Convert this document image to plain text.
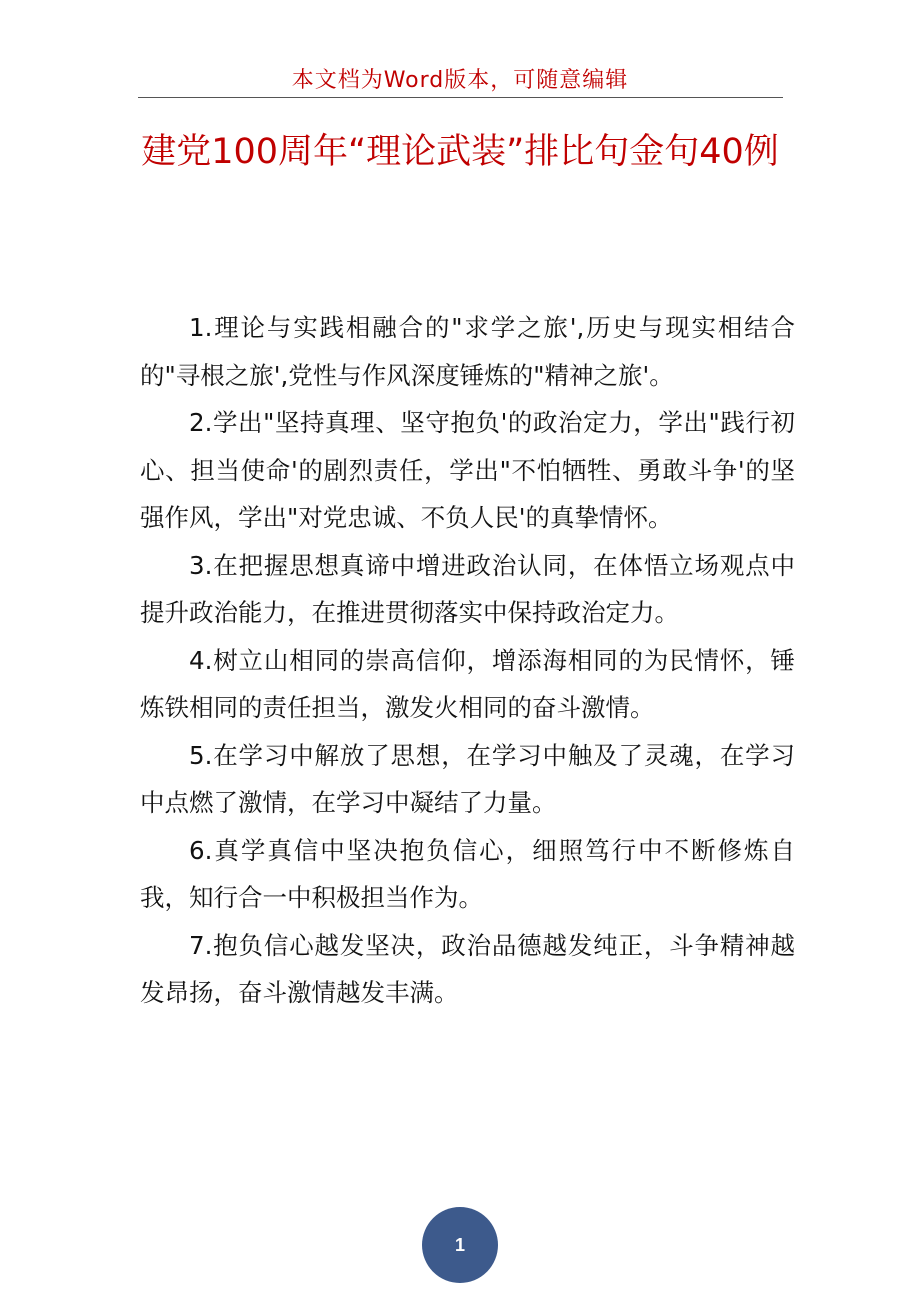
本文档为Word版本，可随意编辑
建党100周年“理论武装”排比句金句40例

1.理论与实践相融合的"求学之旅',历史与现实相结合的"寻根之旅',党性与作风深度锤炼的"精神之旅'。

2.学出"坚持真理、坚守抱负'的政治定力，学出"践行初心、担当使命'的剧烈责任，学出"不怕牺牲、勇敢斗争'的坚强作风，学出"对党忠诚、不负人民'的真挚情怀。

3.在把握思想真谛中增进政治认同，在体悟立场观点中提升政治能力，在推进贯彻落实中保持政治定力。

4.树立山相同的崇高信仰，增添海相同的为民情怀，锤炼铁相同的责任担当，激发火相同的奋斗激情。

5.在学习中解放了思想，在学习中触及了灵魂，在学习中点燃了激情，在学习中凝结了力量。

6.真学真信中坚决抱负信心，细照笃行中不断修炼自我，知行合一中积极担当作为。

7.抱负信心越发坚决，政治品德越发纯正，斗争精神越发昂扬，奋斗激情越发丰满。

1
